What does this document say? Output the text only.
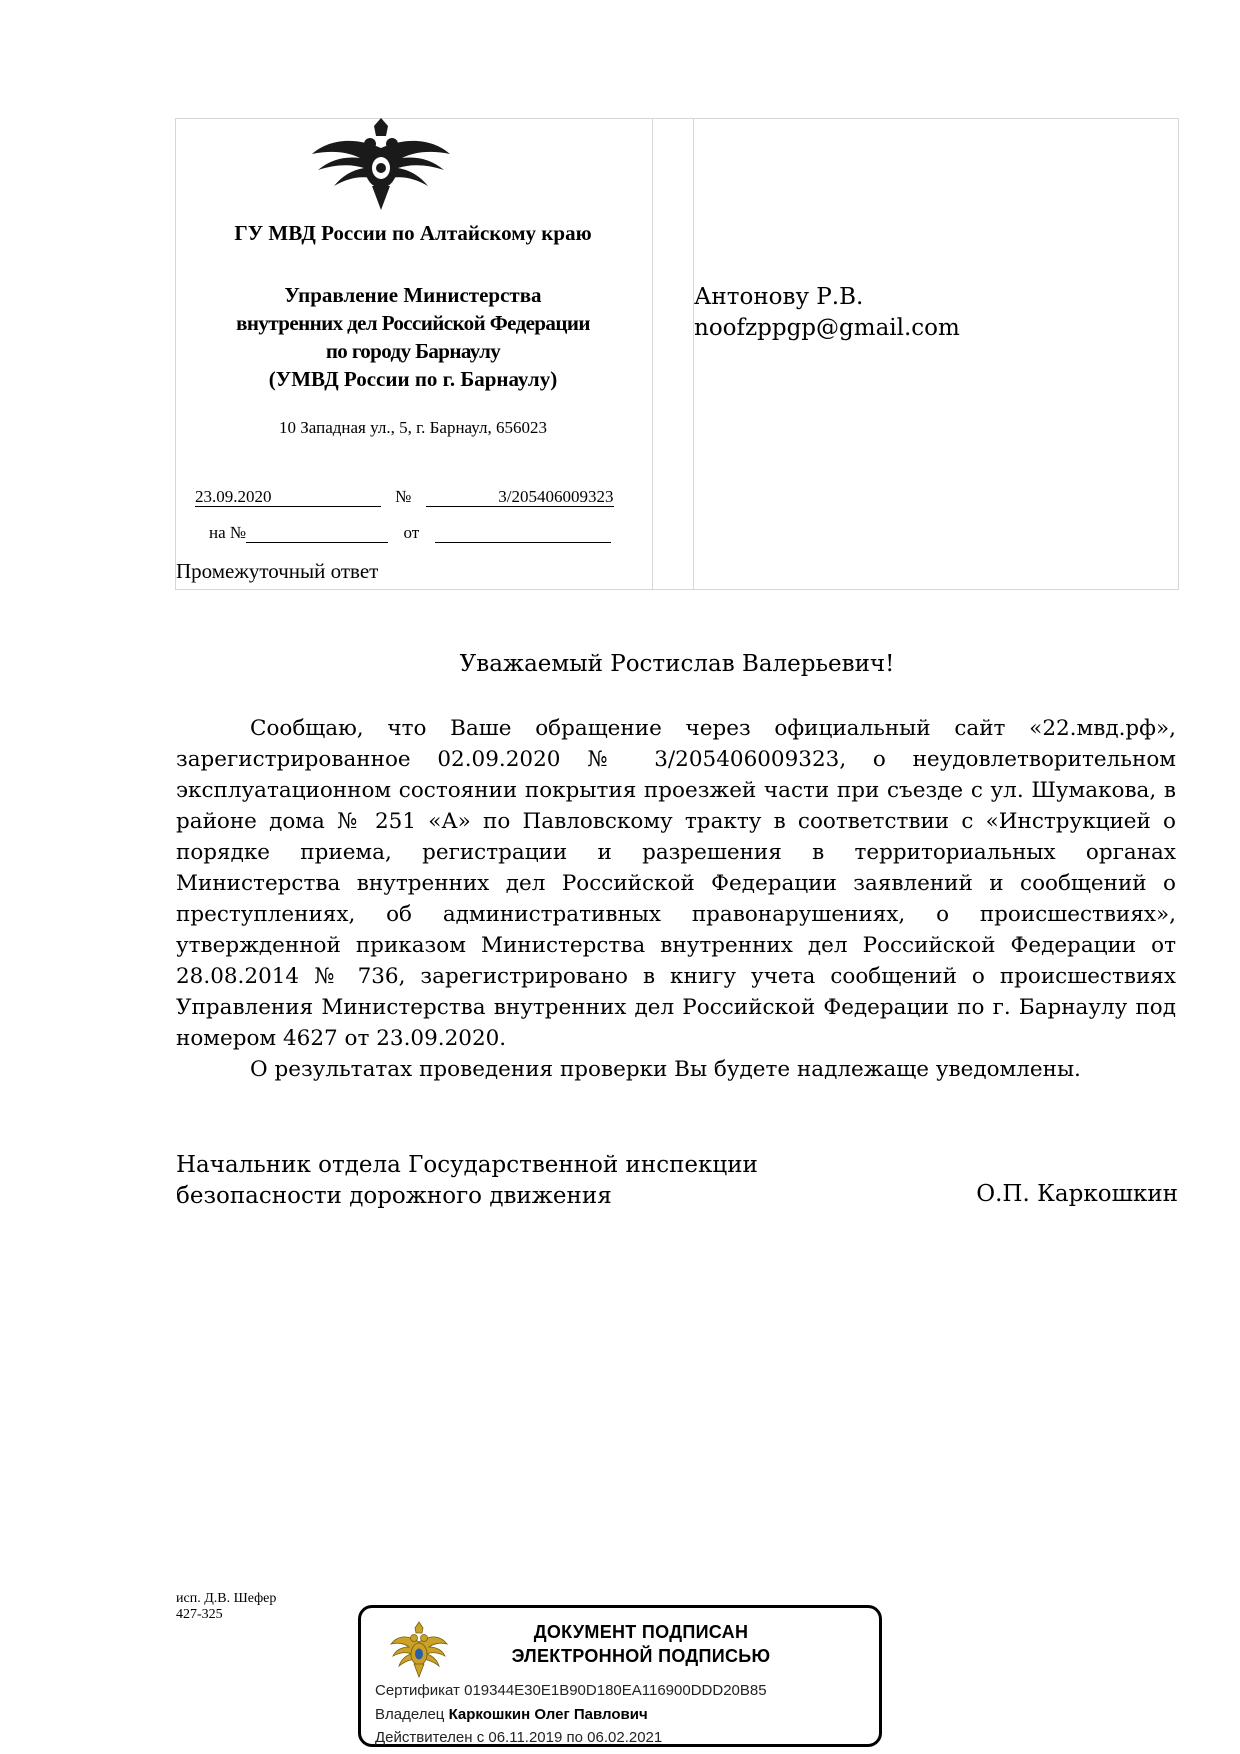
ГУ МВД России по Алтайскому краю
Управление Министерства
внутренних дел Российской Федерации
по городу Барнаулу
(УМВД России по г. Барнаулу)
10 Западная ул., 5, г. Барнаул, 656023
23.09.2020	№	3/205406009323
на №	от
Промежуточный ответ
Антонову Р.В.
noofzppgp@gmail.com
Уважаемый Ростислав Валерьевич!

Сообщаю, что Ваше обращение через официальный сайт «22.мвд.рф», зарегистрированное 02.09.2020 № 3/205406009323, о неудовлетворительном эксплуатационном состоянии покрытия проезжей части при съезде с ул. Шумакова, в районе дома № 251 «А» по Павловскому тракту в соответствии с «Инструкцией о порядке приема, регистрации и разрешения в территориальных органах Министерства внутренних дел Российской Федерации заявлений и сообщений о преступлениях, об административных правонарушениях, о происшествиях», утвержденной приказом Министерства внутренних дел Российской Федерации от 28.08.2014 № 736, зарегистрировано в книгу учета сообщений о происшествиях Управления Министерства внутренних дел Российской Федерации по г. Барнаулу под номером 4627 от 23.09.2020.

О результатах проведения проверки Вы будете надлежаще уведомлены.

Начальник отдела Государственной инспекции
безопасности дорожного движения	О.П. Каркошкин
исп. Д.В. Шефер
427-325
ДОКУМЕНТ ПОДПИСАН
ЭЛЕКТРОННОЙ ПОДПИСЬЮ
Сертификат 019344E30E1B90D180EA116900DDD20B85
Владелец Каркошкин Олег Павлович
Действителен с 06.11.2019 по 06.02.2021
